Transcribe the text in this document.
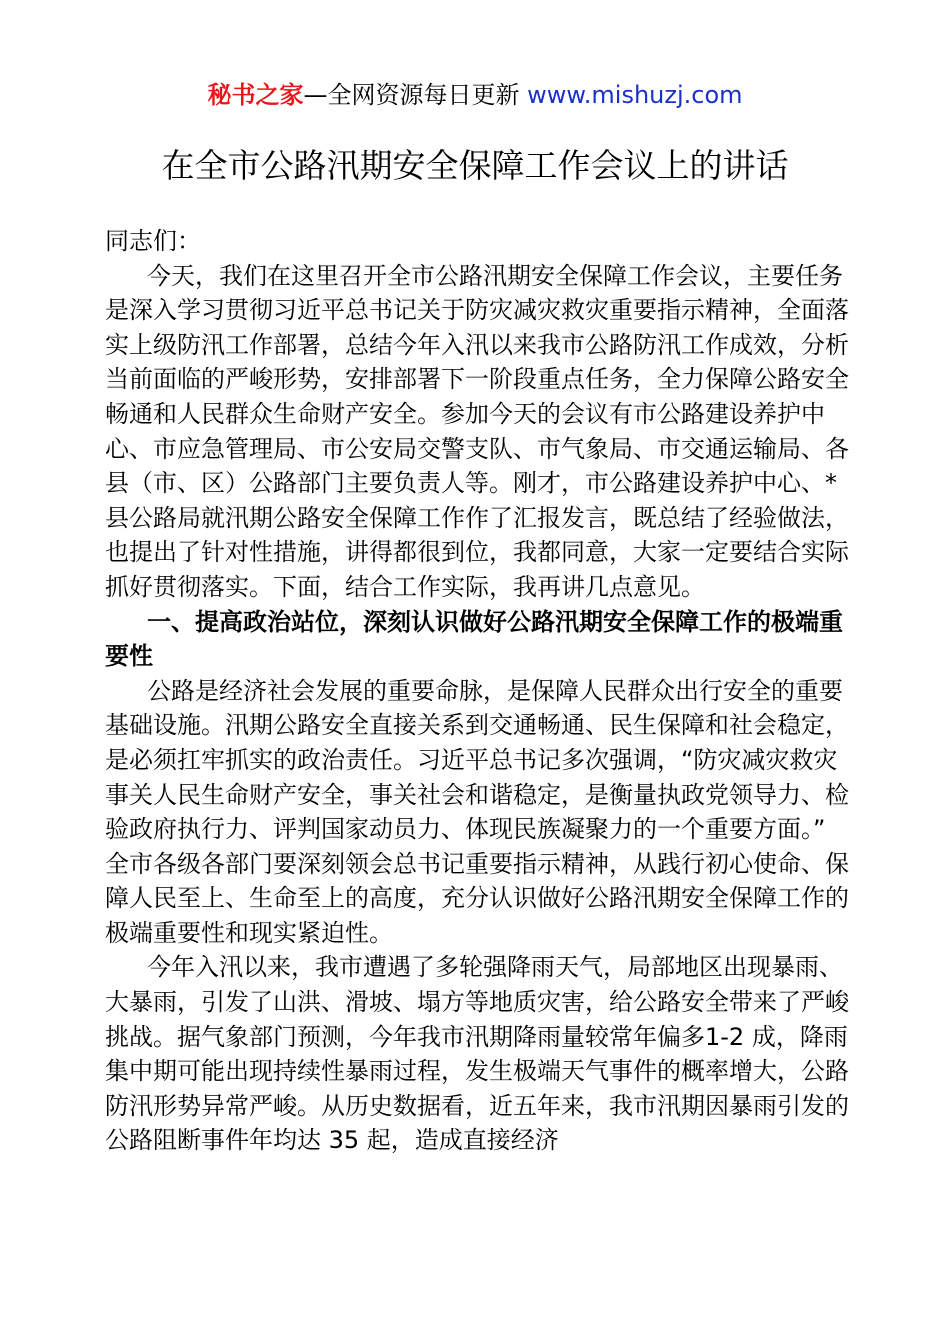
秘书之家—全网资源每日更新 www.mishuzj.com
在全市公路汛期安全保障工作会议上的讲话

同志们：

今天，我们在这里召开全市公路汛期安全保障工作会议，主要任务是深入学习贯彻习近平总书记关于防灾减灾救灾重要指示精神，全面落实上级防汛工作部署，总结今年入汛以来我市公路防汛工作成效，分析当前面临的严峻形势，安排部署下一阶段重点任务，全力保障公路安全畅通和人民群众生命财产安全。参加今天的会议有市公路建设养护中心、市应急管理局、市公安局交警支队、市气象局、市交通运输局、各县（市、区）公路部门主要负责人等。刚才，市公路建设养护中心、*县公路局就汛期公路安全保障工作作了汇报发言，既总结了经验做法，也提出了针对性措施，讲得都很到位，我都同意，大家一定要结合实际抓好贯彻落实。下面，结合工作实际，我再讲几点意见。

一、提高政治站位，深刻认识做好公路汛期安全保障工作的极端重要性

公路是经济社会发展的重要命脉，是保障人民群众出行安全的重要基础设施。汛期公路安全直接关系到交通畅通、民生保障和社会稳定，是必须扛牢抓实的政治责任。习近平总书记多次强调，“防灾减灾救灾事关人民生命财产安全，事关社会和谐稳定，是衡量执政党领导力、检验政府执行力、评判国家动员力、体现民族凝聚力的一个重要方面。” 全市各级各部门要深刻领会总书记重要指示精神，从践行初心使命、保障人民至上、生命至上的高度，充分认识做好公路汛期安全保障工作的极端重要性和现实紧迫性。

今年入汛以来，我市遭遇了多轮强降雨天气，局部地区出现暴雨、大暴雨，引发了山洪、滑坡、塌方等地质灾害，给公路安全带来了严峻挑战。据气象部门预测，今年我市汛期降雨量较常年偏多1-2 成，降雨集中期可能出现持续性暴雨过程，发生极端天气事件的概率增大，公路防汛形势异常严峻。从历史数据看，近五年来，我市汛期因暴雨引发的公路阻断事件年均达 35 起，造成直接经济
